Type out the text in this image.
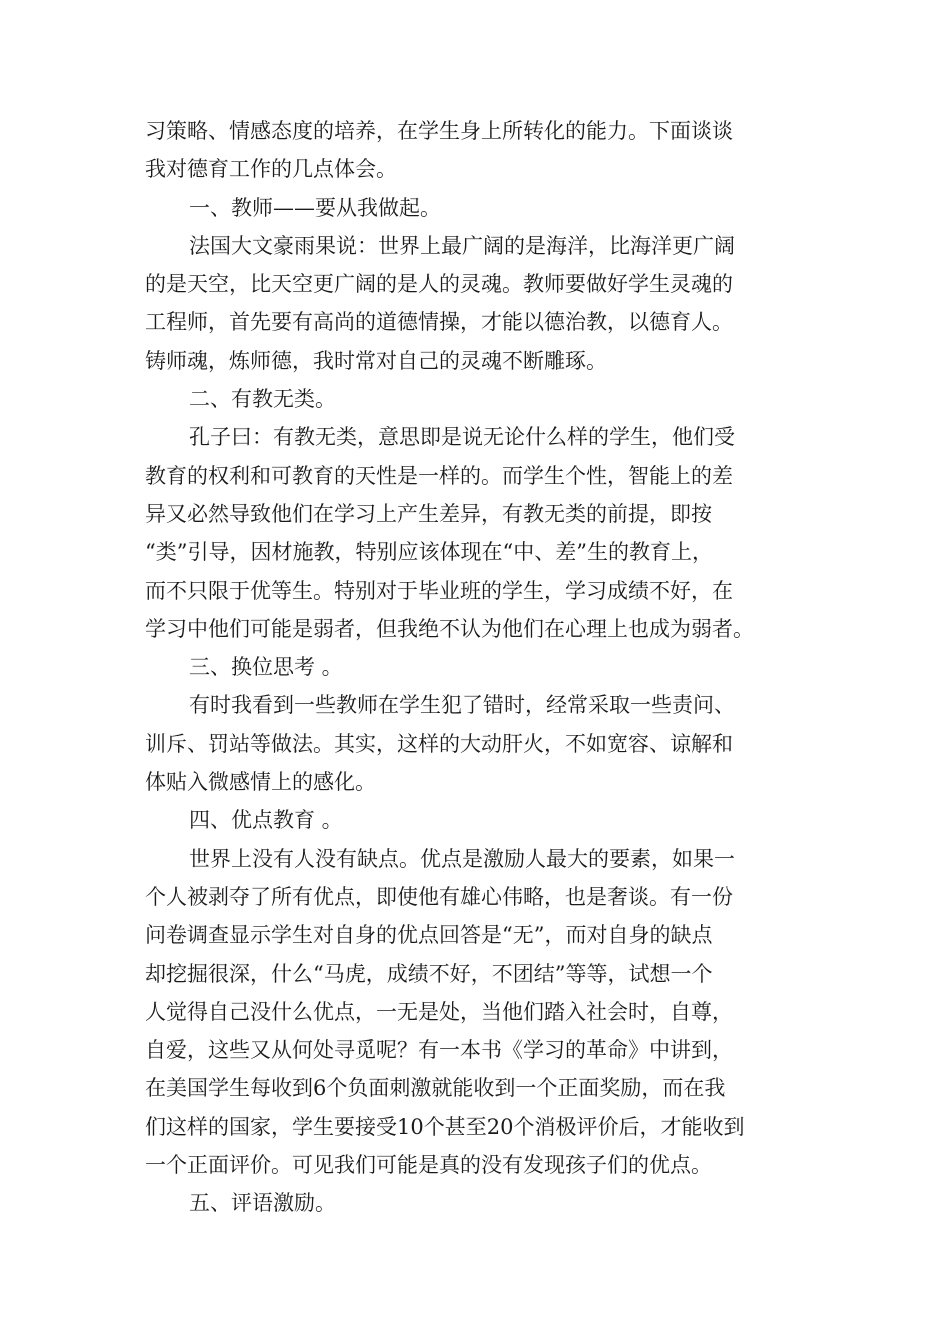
习策略、情感态度的培养，在学生身上所转化的能力。下面谈谈
我对德育工作的几点体会。
一、教师——要从我做起。
法国大文豪雨果说：世界上最广阔的是海洋，比海洋更广阔
的是天空，比天空更广阔的是人的灵魂。教师要做好学生灵魂的
工程师，首先要有高尚的道德情操，才能以德治教，以德育人。
铸师魂，炼师德，我时常对自己的灵魂不断雕琢。
二、有教无类。
孔子曰：有教无类，意思即是说无论什么样的学生，他们受
教育的权利和可教育的天性是一样的。而学生个性，智能上的差
异又必然导致他们在学习上产生差异，有教无类的前提，即按
“类”引导，因材施教，特别应该体现在“中、差”生的教育上，
而不只限于优等生。特别对于毕业班的学生，学习成绩不好，在
学习中他们可能是弱者，但我绝不认为他们在心理上也成为弱者。
三、换位思考 。
有时我看到一些教师在学生犯了错时，经常采取一些责问、
训斥、罚站等做法。其实，这样的大动肝火，不如宽容、谅解和
体贴入微感情上的感化。
四、优点教育 。
世界上没有人没有缺点。优点是激励人最大的要素，如果一
个人被剥夺了所有优点，即使他有雄心伟略，也是奢谈。有一份
问卷调查显示学生对自身的优点回答是“无”，而对自身的缺点
却挖掘很深，什么“马虎，成绩不好，不团结”等等，试想一个
人觉得自己没什么优点，一无是处，当他们踏入社会时，自尊，
自爱，这些又从何处寻觅呢？有一本书《学习的革命》中讲到，
在美国学生每收到6个负面刺激就能收到一个正面奖励，而在我
们这样的国家，学生要接受10个甚至20个消极评价后，才能收到
一个正面评价。可见我们可能是真的没有发现孩子们的优点。
五、评语激励。
